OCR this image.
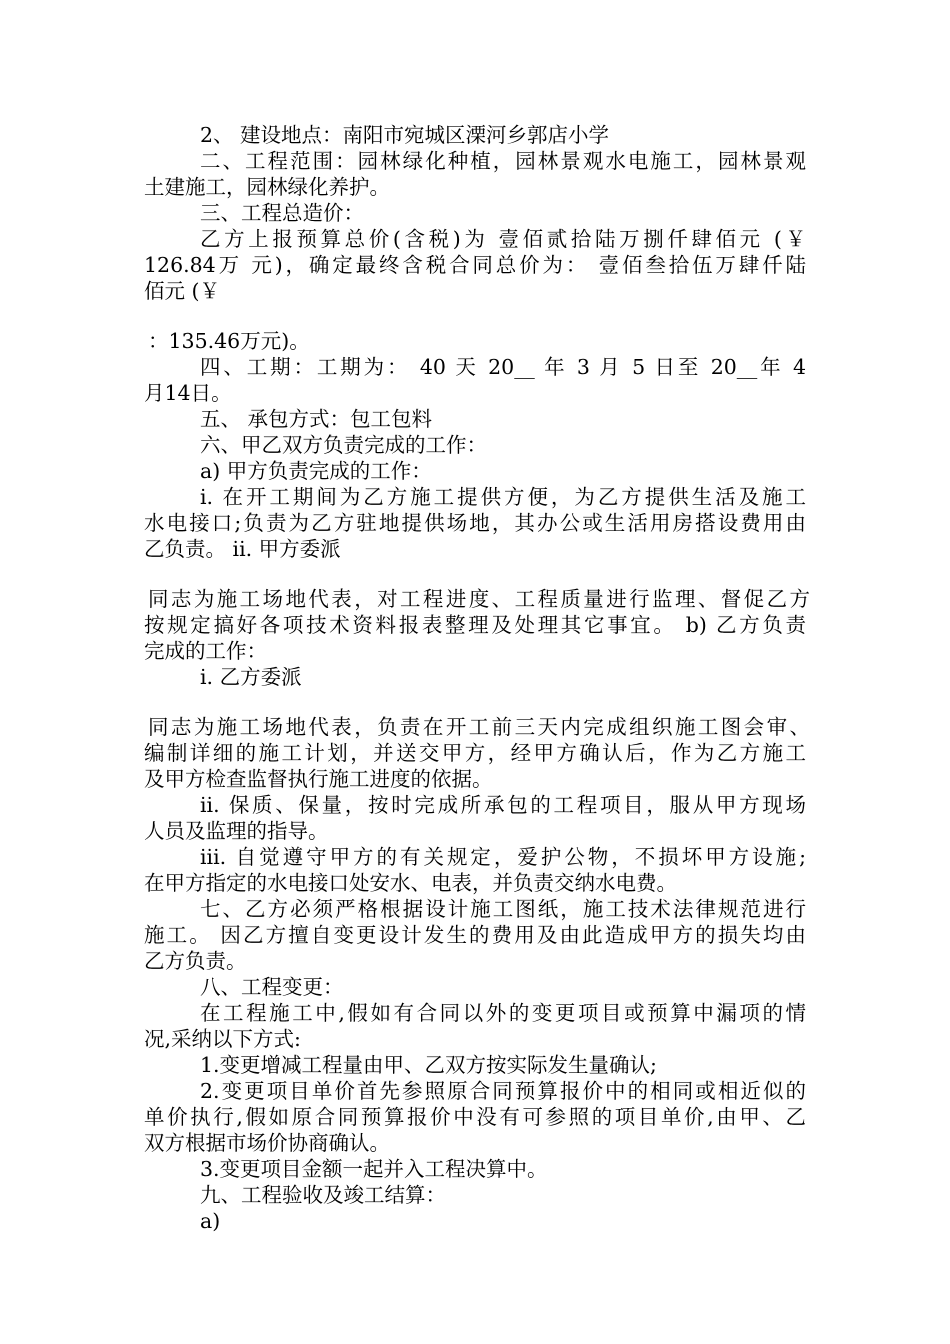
2、 建设地点：南阳市宛城区溧河乡郭店小学
二、工程范围：园林绿化种植，园林景观水电施工，园林景观
土建施工，园林绿化养护。
三、工程总造价：
乙方上报预算总价(含税)为 壹佰贰拾陆万捌仟肆佰元 (￥
126.84万 元)，确定最终含税合同总价为： 壹佰叁拾伍万肆仟陆
佰元 (￥
：135.46万元)。
四、工期：工期为： 40 天 20__ 年 3 月 5 日至 20__年 4
月14日。
五、 承包方式：包工包料
六、甲乙双方负责完成的工作：
a) 甲方负责完成的工作：
i. 在开工期间为乙方施工提供方便，为乙方提供生活及施工
水电接口;负责为乙方驻地提供场地，其办公或生活用房搭设费用由
乙负责。 ii. 甲方委派
同志为施工场地代表，对工程进度、工程质量进行监理、督促乙方
按规定搞好各项技术资料报表整理及处理其它事宜。 b) 乙方负责
完成的工作：
i. 乙方委派
同志为施工场地代表，负责在开工前三天内完成组织施工图会审、
编制详细的施工计划，并送交甲方，经甲方确认后，作为乙方施工
及甲方检查监督执行施工进度的依据。
ii. 保质、保量，按时完成所承包的工程项目，服从甲方现场
人员及监理的指导。
iii. 自觉遵守甲方的有关规定，爱护公物，不损坏甲方设施;
在甲方指定的水电接口处安水、电表，并负责交纳水电费。
七、乙方必须严格根据设计施工图纸，施工技术法律规范进行
施工。 因乙方擅自变更设计发生的费用及由此造成甲方的损失均由
乙方负责。
八、工程变更：
在工程施工中,假如有合同以外的变更项目或预算中漏项的情
况,采纳以下方式:
1.变更增减工程量由甲、乙双方按实际发生量确认;
2.变更项目单价首先参照原合同预算报价中的相同或相近似的
单价执行,假如原合同预算报价中没有可参照的项目单价,由甲、乙
双方根据市场价协商确认。
3.变更项目金额一起并入工程决算中。
九、工程验收及竣工结算：
a)
